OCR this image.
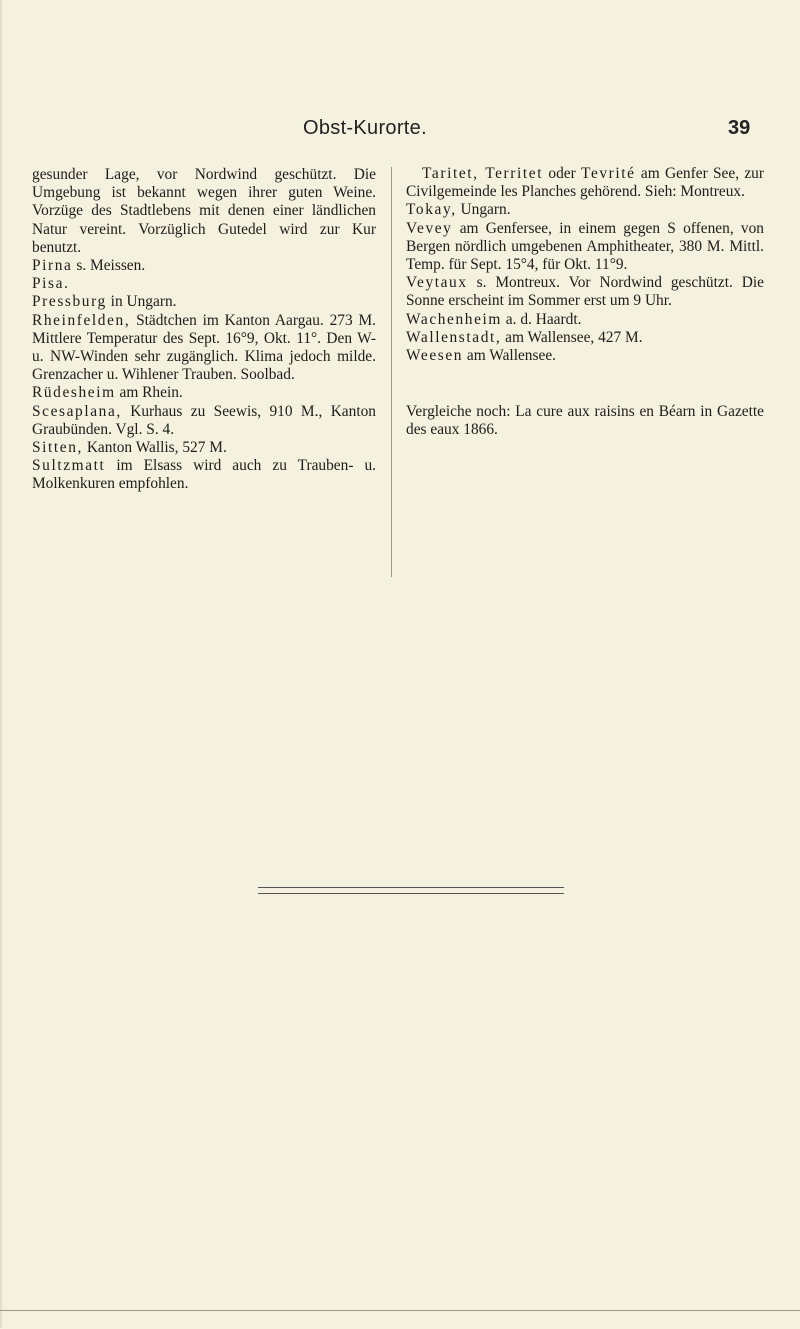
Obst-Kurorte.	39

gesunder Lage, vor Nordwind geschützt. Die Umgebung ist bekannt wegen ihrer guten Weine. Vorzüge des Stadtlebens mit denen einer ländlichen Natur vereint. Vorzüglich Gutedel wird zur Kur benutzt.

Pirna s. Meissen.

Pisa.

Pressburg in Ungarn.

Rheinfelden, Städtchen im Kanton Aargau. 273 M. Mittlere Temperatur des Sept. 16°9, Okt. 11°. Den W- u. NW-Winden sehr zugänglich. Klima jedoch milde. Grenzacher u. Wihlener Trauben. Soolbad.

Rüdesheim am Rhein.

Scesaplana, Kurhaus zu Seewis, 910 M., Kanton Graubünden. Vgl. S. 4.

Sitten, Kanton Wallis, 527 M.

Sultzmatt im Elsass wird auch zu Trauben- u. Molkenkuren empfohlen.

Taritet, Territet oder Tevrité am Genfer See, zur Civilgemeinde les Planches gehörend. Sieh: Montreux.

Tokay, Ungarn.

Vevey am Genfersee, in einem gegen S offenen, von Bergen nördlich umgebenen Amphitheater, 380 M. Mittl. Temp. für Sept. 15°4, für Okt. 11°9.

Veytaux s. Montreux. Vor Nordwind geschützt. Die Sonne erscheint im Sommer erst um 9 Uhr.

Wachenheim a. d. Haardt.

Wallenstadt, am Wallensee, 427 M.

Weesen am Wallensee.

Vergleiche noch: La cure aux raisins en Béarn in Gazette des eaux 1866.
